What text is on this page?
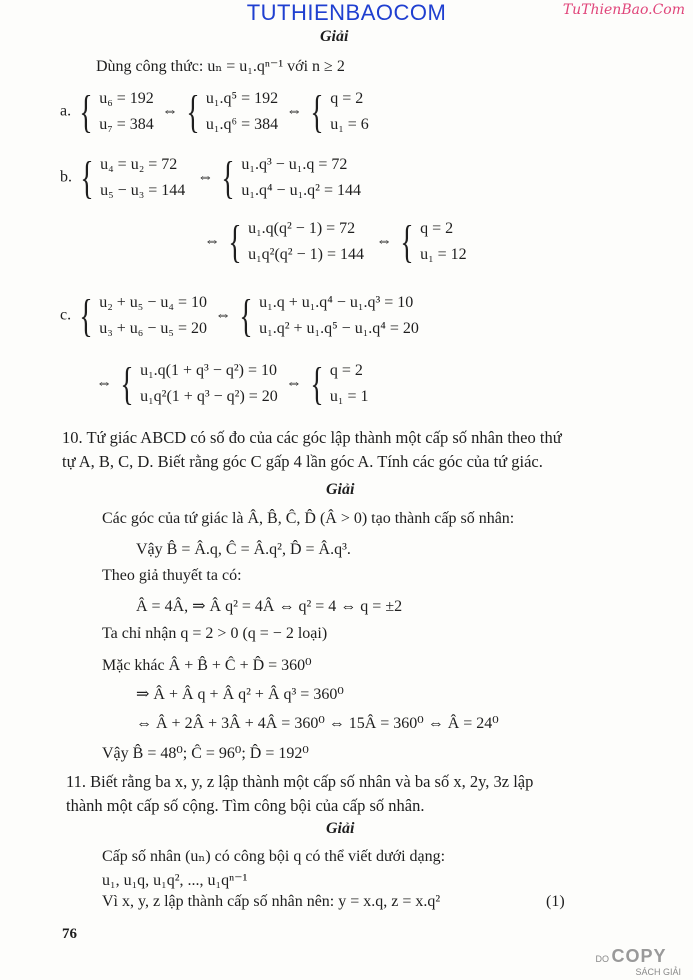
TUTHIENBAOCOM	TuThienBao.Com
Giải
Dùng công thức: uₙ = u₁.qⁿ⁻¹ với n ≥ 2
a. { u₆ = 192
u₇ = 384
⇔ { u₁.q⁵ = 192
u₁.q⁶ = 384
⇔ { q = 2
u₁ = 6
b. { u₄ = u₂ = 72
u₅ − u₃ = 144
⇔ { u₁.q³ − u₁.q = 72
u₁.q⁴ − u₁.q² = 144
⇔ { u₁.q(q² − 1) = 72
u₁q²(q² − 1) = 144
⇔ { q = 2
u₁ = 12
c. { u₂ + u₅ − u₄ = 10
u₃ + u₆ − u₅ = 20
⇔ { u₁.q + u₁.q⁴ − u₁.q³ = 10
u₁.q² + u₁.q⁵ − u₁.q⁴ = 20
⇔ { u₁.q(1 + q³ − q²) = 10
u₁q²(1 + q³ − q²) = 20
⇔ { q = 2
u₁ = 1
10. Tứ giác ABCD có số đo của các góc lập thành một cấp số nhân theo thứ
tự A, B, C, D. Biết rằng góc C gấp 4 lần góc A. Tính các góc của tứ giác.
Giải
Các góc của tứ giác là Â, B̂, Ĉ, D̂ (Â > 0) tạo thành cấp số nhân:
Vậy B̂ = Â.q, Ĉ = Â.q², D̂ = Â.q³.
Theo giả thuyết ta có:
Â = 4Â, ⇒ Â q² = 4Â ⇔ q² = 4 ⇔ q = ±2
Ta chỉ nhận q = 2 > 0 (q = − 2 loại)
Mặc khác Â + B̂ + Ĉ + D̂ = 360⁰
⇒ Â + Â q + Â q² + Â q³ = 360⁰
⇔ Â + 2Â + 3Â + 4Â = 360⁰ ⇔ 15Â = 360⁰ ⇔ Â = 24⁰
Vậy B̂ = 48⁰; Ĉ = 96⁰; D̂ = 192⁰
11. Biết rằng ba x, y, z lập thành một cấp số nhân và ba số x, 2y, 3z lập
thành một cấp số cộng. Tìm công bội của cấp số nhân.
Giải
Cấp số nhân (uₙ) có công bội q có thể viết dưới dạng:
u₁, u₁q, u₁q², ..., u₁qⁿ⁻¹
Vì x, y, z lập thành cấp số nhân nên: y = x.q, z = x.q²	(1)
76
DO COPY
SÁCH GIẢI
